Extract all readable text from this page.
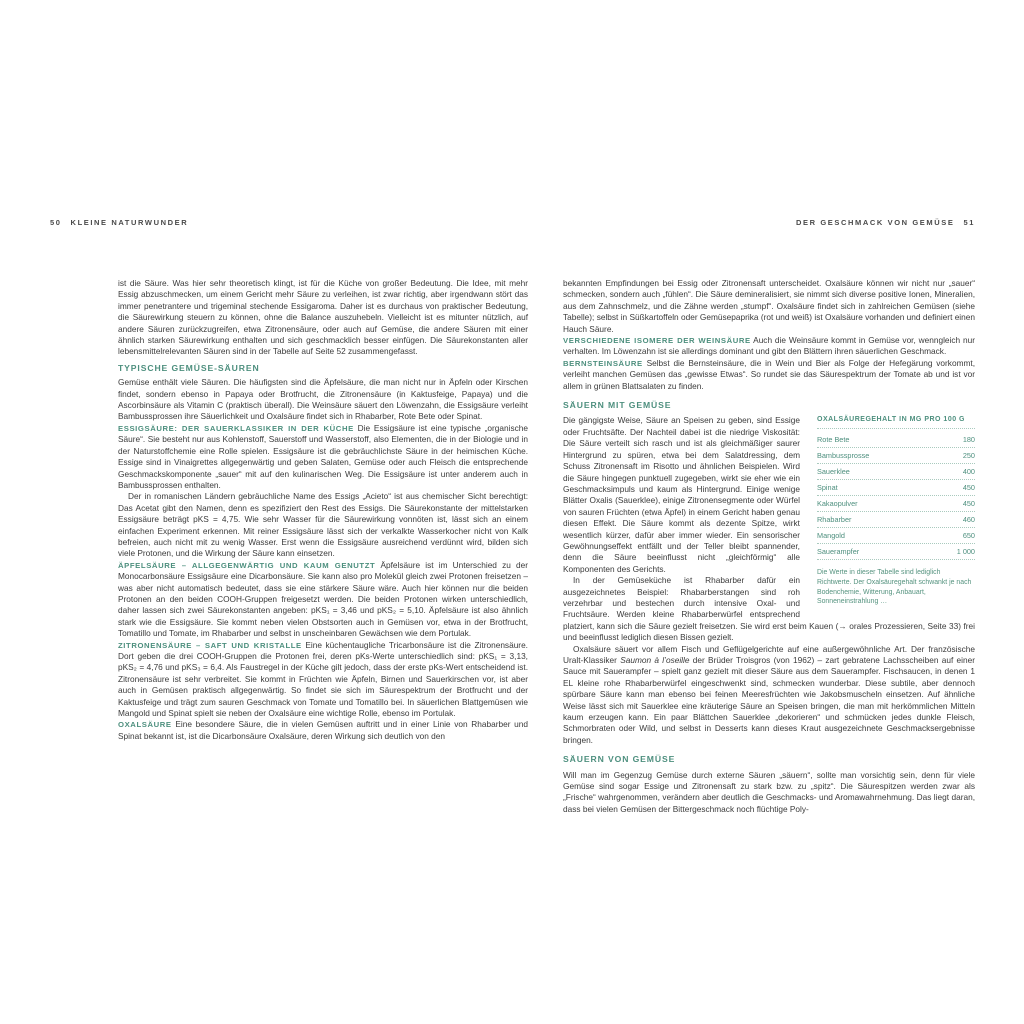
50 KLEINE NATURWUNDER	DER GESCHMACK VON GEMÜSE 51

ist die Säure. Was hier sehr theoretisch klingt, ist für die Küche von großer Bedeutung. Die Idee, mit mehr Essig abzuschmecken, um einem Gericht mehr Säure zu verleihen, ist zwar richtig, aber irgendwann stört das immer penetrantere und trigeminal stechende Essigaroma. Daher ist es durchaus von praktischer Bedeutung, die Säurewirkung steuern zu können, ohne die Balance auszuhebeln. Vielleicht ist es mitunter nützlich, auf andere Säuren zurückzugreifen, etwa Zitronensäure, oder auch auf Gemüse, die andere Säuren mit einer ähnlich starken Säurewirkung enthalten und sich geschmacklich besser einfügen. Die Säurekonstanten aller lebensmittelrelevanten Säuren sind in der Tabelle auf Seite 52 zusammengefasst.

TYPISCHE GEMÜSE-SÄUREN

Gemüse enthält viele Säuren. Die häufigsten sind die Äpfelsäure, die man nicht nur in Äpfeln oder Kirschen findet, sondern ebenso in Papaya oder Brotfrucht, die Zitronensäure (in Kaktusfeige, Papaya) und die Ascorbinsäure als Vitamin C (praktisch überall). Die Weinsäure säuert den Löwenzahn, die Essigsäure verleiht Bambussprossen ihre Säuerlichkeit und Oxalsäure findet sich in Rhabarber, Rote Bete oder Spinat.

ESSIGSÄURE: DER SAUERKLASSIKER IN DER KÜCHE Die Essigsäure ist eine typische „organische Säure“. Sie besteht nur aus Kohlenstoff, Sauerstoff und Wasserstoff, also Elementen, die in der Biologie und in der Naturstoffchemie eine Rolle spielen. Essigsäure ist die gebräuchlichste Säure in der heimischen Küche. Essige sind in Vinaigrettes allgegenwärtig und geben Salaten, Gemüse oder auch Fleisch die entsprechende Geschmackskomponente „sauer“ mit auf den kulinarischen Weg. Die Essigsäure ist unter anderem auch in Bambussprossen enthalten.

Der in romanischen Ländern gebräuchliche Name des Essigs „Acieto“ ist aus chemischer Sicht berechtigt: Das Acetat gibt den Namen, denn es spezifiziert den Rest des Essigs. Die Säurekonstante der mittelstarken Essigsäure beträgt pKS = 4,75. Wie sehr Wasser für die Säurewirkung vonnöten ist, lässt sich an einem einfachen Experiment erkennen. Mit reiner Essigsäure lässt sich der verkalkte Wasserkocher nicht von Kalk befreien, auch nicht mit zu wenig Wasser. Erst wenn die Essigsäure ausreichend verdünnt wird, bilden sich viele Protonen, und die Wirkung der Säure kann einsetzen.

ÄPFELSÄURE – ALLGEGENWÄRTIG UND KAUM GENUTZT Äpfelsäure ist im Unterschied zu der Monocarbonsäure Essigsäure eine Dicarbonsäure. Sie kann also pro Molekül gleich zwei Protonen freisetzen – was aber nicht automatisch bedeutet, dass sie eine stärkere Säure wäre. Auch hier können nur die beiden Protonen an den beiden COOH-Gruppen freigesetzt werden. Die beiden Protonen wirken unterschiedlich, daher lassen sich zwei Säurekonstanten angeben: pKS₁ = 3,46 und pKS₂ = 5,10. Äpfelsäure ist also ähnlich stark wie die Essigsäure. Sie kommt neben vielen Obstsorten auch in Gemüsen vor, etwa in der Brotfrucht, Tomatillo und Tomate, im Rhabarber und selbst in unscheinbaren Gewächsen wie dem Portulak.

ZITRONENSÄURE – SAFT UND KRISTALLE Eine küchentaugliche Tricarbonsäure ist die Zitronensäure. Dort geben die drei COOH-Gruppen die Protonen frei, deren pKs-Werte unterschiedlich sind: pKS₁ = 3,13, pKS₂ = 4,76 und pKS₃ = 6,4. Als Faustregel in der Küche gilt jedoch, dass der erste pKs-Wert entscheidend ist. Zitronensäure ist sehr verbreitet. Sie kommt in Früchten wie Äpfeln, Birnen und Sauerkirschen vor, ist aber auch in Gemüsen praktisch allgegenwärtig. So findet sie sich im Säurespektrum der Brotfrucht und der Kaktusfeige und trägt zum sauren Geschmack von Tomate und Tomatillo bei. In säuerlichen Blattgemüsen wie Mangold und Spinat spielt sie neben der Oxalsäure eine wichtige Rolle, ebenso im Portulak.

OXALSÄURE Eine besondere Säure, die in vielen Gemüsen auftritt und in einer Linie von Rhabarber und Spinat bekannt ist, ist die Dicarbonsäure Oxalsäure, deren Wirkung sich deutlich von den

bekannten Empfindungen bei Essig oder Zitronensaft unterscheidet. Oxalsäure können wir nicht nur „sauer“ schmecken, sondern auch „fühlen“. Die Säure demineralisiert, sie nimmt sich diverse positive Ionen, Mineralien, aus dem Zahnschmelz, und die Zähne werden „stumpf“. Oxalsäure findet sich in zahlreichen Gemüsen (siehe Tabelle); selbst in Süßkartoffeln oder Gemüsepaprika (rot und weiß) ist Oxalsäure vorhanden und definiert einen Hauch Säure.

VERSCHIEDENE ISOMERE DER WEINSÄURE Auch die Weinsäure kommt in Gemüse vor, wenngleich nur verhalten. Im Löwenzahn ist sie allerdings dominant und gibt den Blättern ihren säuerlichen Geschmack.

BERNSTEINSÄURE Selbst die Bernsteinsäure, die in Wein und Bier als Folge der Hefegärung vorkommt, verleiht manchen Gemüsen das „gewisse Etwas“. So rundet sie das Säurespektrum der Tomate ab und ist vor allem in grünen Blattsalaten zu finden.

SÄUERN MIT GEMÜSE
OXALSÄUREGEHALT IN MG PRO 100 G
Rote Bete	180
Bambussprosse	250
Sauerklee	400
Spinat	450
Kakaopulver	450
Rhabarber	460
Mangold	650
Sauerampfer	1 000
Die Werte in dieser Tabelle sind lediglich Richtwerte. Der Oxalsäuregehalt schwankt je nach Bodenchemie, Witterung, Anbauart, Sonneneinstrahlung …

Die gängigste Weise, Säure an Speisen zu geben, sind Essige oder Fruchtsäfte. Der Nachteil dabei ist die niedrige Viskosität: Die Säure verteilt sich rasch und ist als gleichmäßiger saurer Hintergrund zu spüren, etwa bei dem Salatdressing, dem Schuss Zitronensaft im Risotto und ähnlichen Beispielen. Wird die Säure hingegen punktuell zugegeben, wirkt sie eher wie ein Geschmacksimpuls und kaum als Hintergrund. Einige wenige Blätter Oxalis (Sauerklee), einige Zitronensegmente oder Würfel von sauren Früchten (etwa Äpfel) in einem Gericht haben genau diesen Effekt. Die Säure kommt als dezente Spitze, wirkt wesentlich kürzer, dafür aber immer wieder. Ein sensorischer Gewöhnungseffekt entfällt und der Teller bleibt spannender, denn die Säure beeinflusst nicht „gleichförmig“ alle Komponenten des Gerichts.

In der Gemüseküche ist Rhabarber dafür ein ausgezeichnetes Beispiel: Rhabarberstangen sind roh verzehrbar und bestechen durch intensive Oxal- und Fruchtsäure. Werden kleine Rhabarberwürfel entsprechend platziert, kann sich die Säure gezielt freisetzen. Sie wird erst beim Kauen (→ orales Prozessieren, Seite 33) frei und beeinflusst lediglich diesen Bissen gezielt.

Oxalsäure säuert vor allem Fisch und Geflügelgerichte auf eine außergewöhnliche Art. Der französische Uralt-Klassiker Saumon à l’oseille der Brüder Troisgros (von 1962) – zart gebratene Lachsscheiben auf einer Sauce mit Sauerampfer – spielt ganz gezielt mit dieser Säure aus dem Sauerampfer. Fischsaucen, in denen 1 EL kleine rohe Rhabarberwürfel eingeschwenkt sind, schmecken wunderbar. Diese subtile, aber dennoch spürbare Säure kann man ebenso bei feinen Meeresfrüchten wie Jakobsmuscheln einsetzen. Auf ähnliche Weise lässt sich mit Sauerklee eine kräuterige Säure an Speisen bringen, die man mit herkömmlichen Mitteln kaum erzeugen kann. Ein paar Blättchen Sauerklee „dekorieren“ und schmücken jedes dunkle Fleisch, Schmorbraten oder Wild, und selbst in Desserts kann dieses Kraut ausgezeichnete Geschmacksergebnisse bringen.

SÄUERN VON GEMÜSE

Will man im Gegenzug Gemüse durch externe Säuren „säuern“, sollte man vorsichtig sein, denn für viele Gemüse sind sogar Essige und Zitronensaft zu stark bzw. zu „spitz“. Die Säurespitzen werden zwar als „Frische“ wahrgenommen, verändern aber deutlich die Geschmacks- und Aromawahrnehmung. Das liegt daran, dass bei vielen Gemüsen der Bittergeschmack noch flüchtige Poly-
